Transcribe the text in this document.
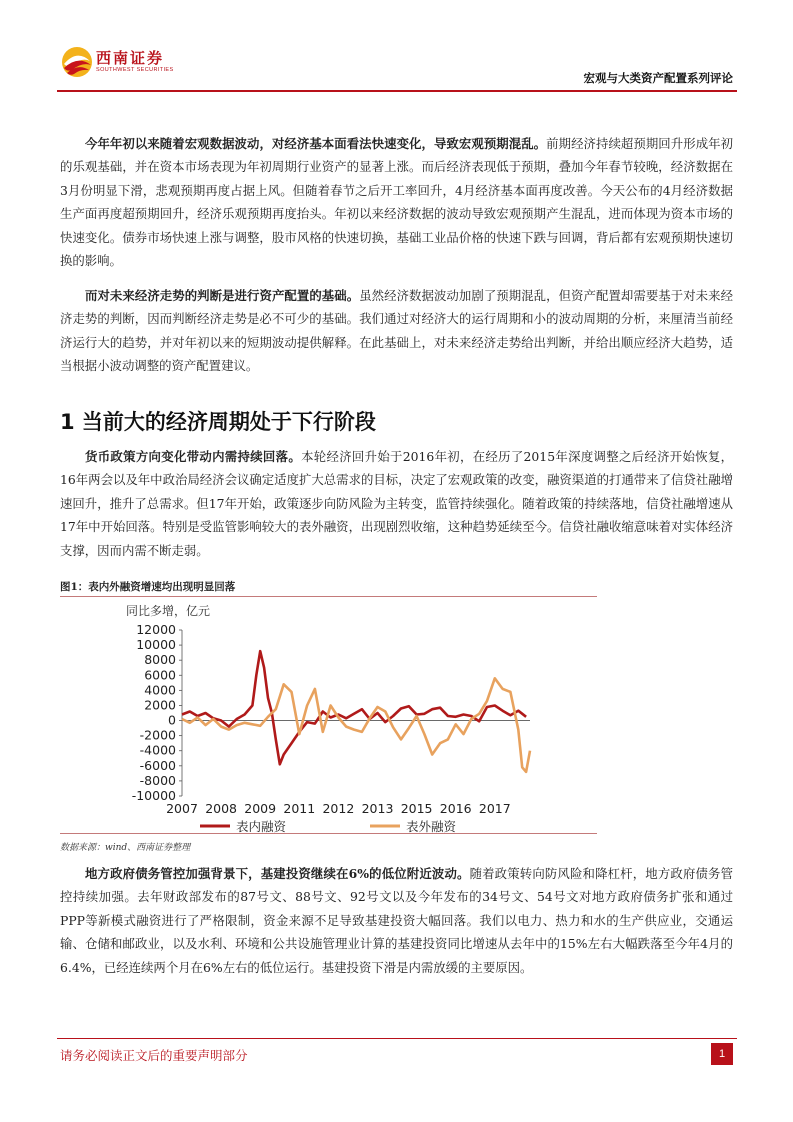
西南证券
SOUTHWEST SECURITIES
宏观与大类资产配置系列评论

今年年初以来随着宏观数据波动，对经济基本面看法快速变化，导致宏观预期混乱。前期经济持续超预期回升形成年初的乐观基础，并在资本市场表现为年初周期行业资产的显著上涨。而后经济表现低于预期，叠加今年春节较晚，经济数据在3月份明显下滑，悲观预期再度占据上风。但随着春节之后开工率回升，4月经济基本面再度改善。今天公布的4月经济数据生产面再度超预期回升，经济乐观预期再度抬头。年初以来经济数据的波动导致宏观预期产生混乱，进而体现为资本市场的快速变化。债券市场快速上涨与调整，股市风格的快速切换，基础工业品价格的快速下跌与回调，背后都有宏观预期快速切换的影响。

而对未来经济走势的判断是进行资产配置的基础。虽然经济数据波动加剧了预期混乱，但资产配置却需要基于对未来经济走势的判断，因而判断经济走势是必不可少的基础。我们通过对经济大的运行周期和小的波动周期的分析，来厘清当前经济运行大的趋势，并对年初以来的短期波动提供解释。在此基础上，对未来经济走势给出判断，并给出顺应经济大趋势，适当根据小波动调整的资产配置建议。

1 当前大的经济周期处于下行阶段

货币政策方向变化带动内需持续回落。本轮经济回升始于2016年初，在经历了2015年深度调整之后经济开始恢复，16年两会以及年中政治局经济会议确定适度扩大总需求的目标，决定了宏观政策的改变，融资渠道的打通带来了信贷社融增速回升，推升了总需求。但17年开始，政策逐步向防风险为主转变，监管持续强化。随着政策的持续落地，信贷社融增速从17年中开始回落。特别是受监管影响较大的表外融资，出现剧烈收缩，这种趋势延续至今。信贷社融收缩意味着对实体经济支撑，因而内需不断走弱。

图1：表内外融资增速均出现明显回落
同比多增，亿元
12000
10000
8000
6000
4000
2000
0
-2000
-4000
-6000
-8000
-10000
2007 2008 2009 2011 2012 2013 2015 2016 2017
表内融资	表外融资
数据来源：wind、西南证券整理

地方政府债务管控加强背景下，基建投资继续在6%的低位附近波动。随着政策转向防风险和降杠杆，地方政府债务管控持续加强。去年财政部发布的87号文、88号文、92号文以及今年发布的34号文、54号文对地方政府债务扩张和通过PPP等新模式融资进行了严格限制，资金来源不足导致基建投资大幅回落。我们以电力、热力和水的生产供应业，交通运输、仓储和邮政业，以及水利、环境和公共设施管理业计算的基建投资同比增速从去年中的15%左右大幅跌落至今年4月的6.4%，已经连续两个月在6%左右的低位运行。基建投资下滑是内需放缓的主要原因。

请务必阅读正文后的重要声明部分	1
